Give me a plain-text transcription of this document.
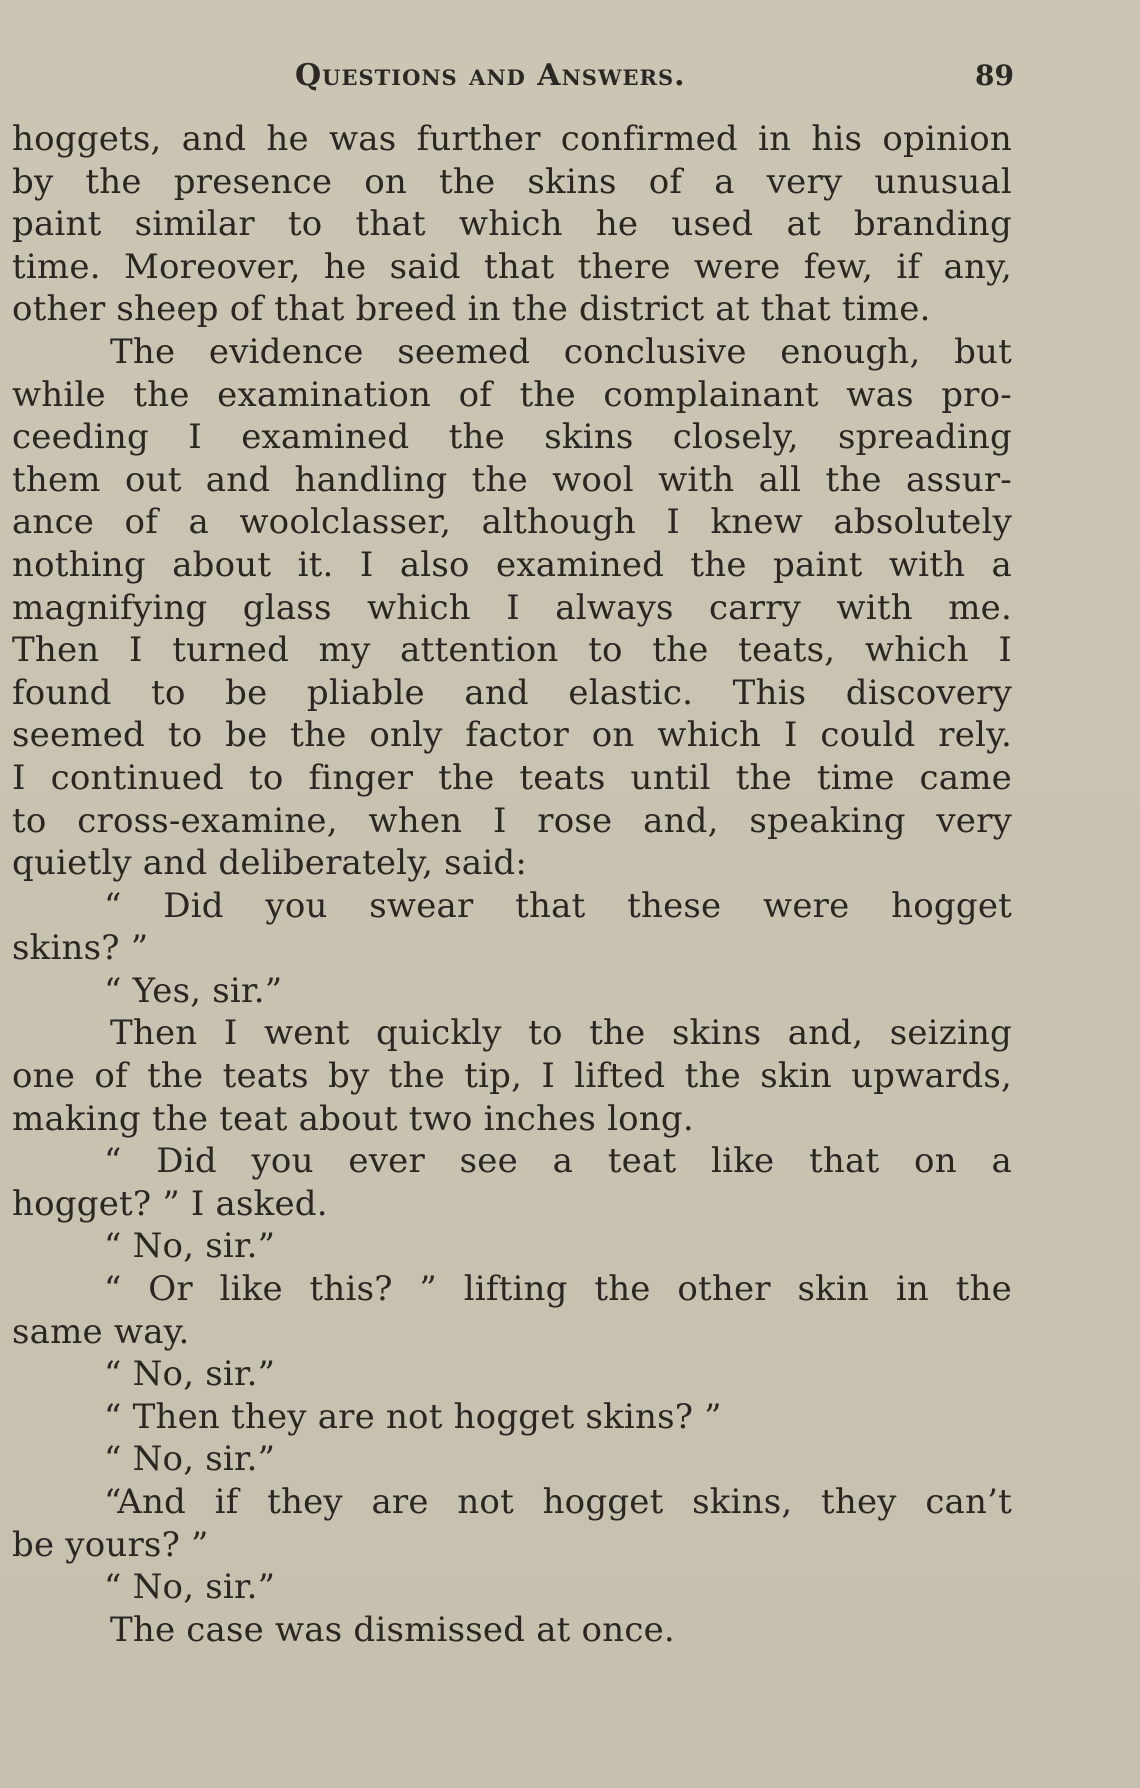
Questions and Answers.	89
hoggets, and he was further confirmed in his opinion
by the presence on the skins of a very unusual
paint similar to that which he used at branding
time. Moreover, he said that there were few, if any,
other sheep of that breed in the district at that time.
The evidence seemed conclusive enough, but
while the examination of the complainant was pro-
ceeding I examined the skins closely, spreading
them out and handling the wool with all the assur-
ance of a woolclasser, although I knew absolutely
nothing about it. I also examined the paint with a
magnifying glass which I always carry with me.
Then I turned my attention to the teats, which I
found to be pliable and elastic. This discovery
seemed to be the only factor on which I could rely.
I continued to finger the teats until the time came
to cross-examine, when I rose and, speaking very
quietly and deliberately, said:
“ Did you swear that these were hogget
skins? ”
“ Yes, sir.”
Then I went quickly to the skins and, seizing
one of the teats by the tip, I lifted the skin upwards,
making the teat about two inches long.
“ Did you ever see a teat like that on a
hogget? ” I asked.
“ No, sir.”
“ Or like this? ” lifting the other skin in the
same way.
“ No, sir.”
“ Then they are not hogget skins? ”
“ No, sir.”
“And if they are not hogget skins, they can’t
be yours? ”
“ No, sir.”
The case was dismissed at once.
